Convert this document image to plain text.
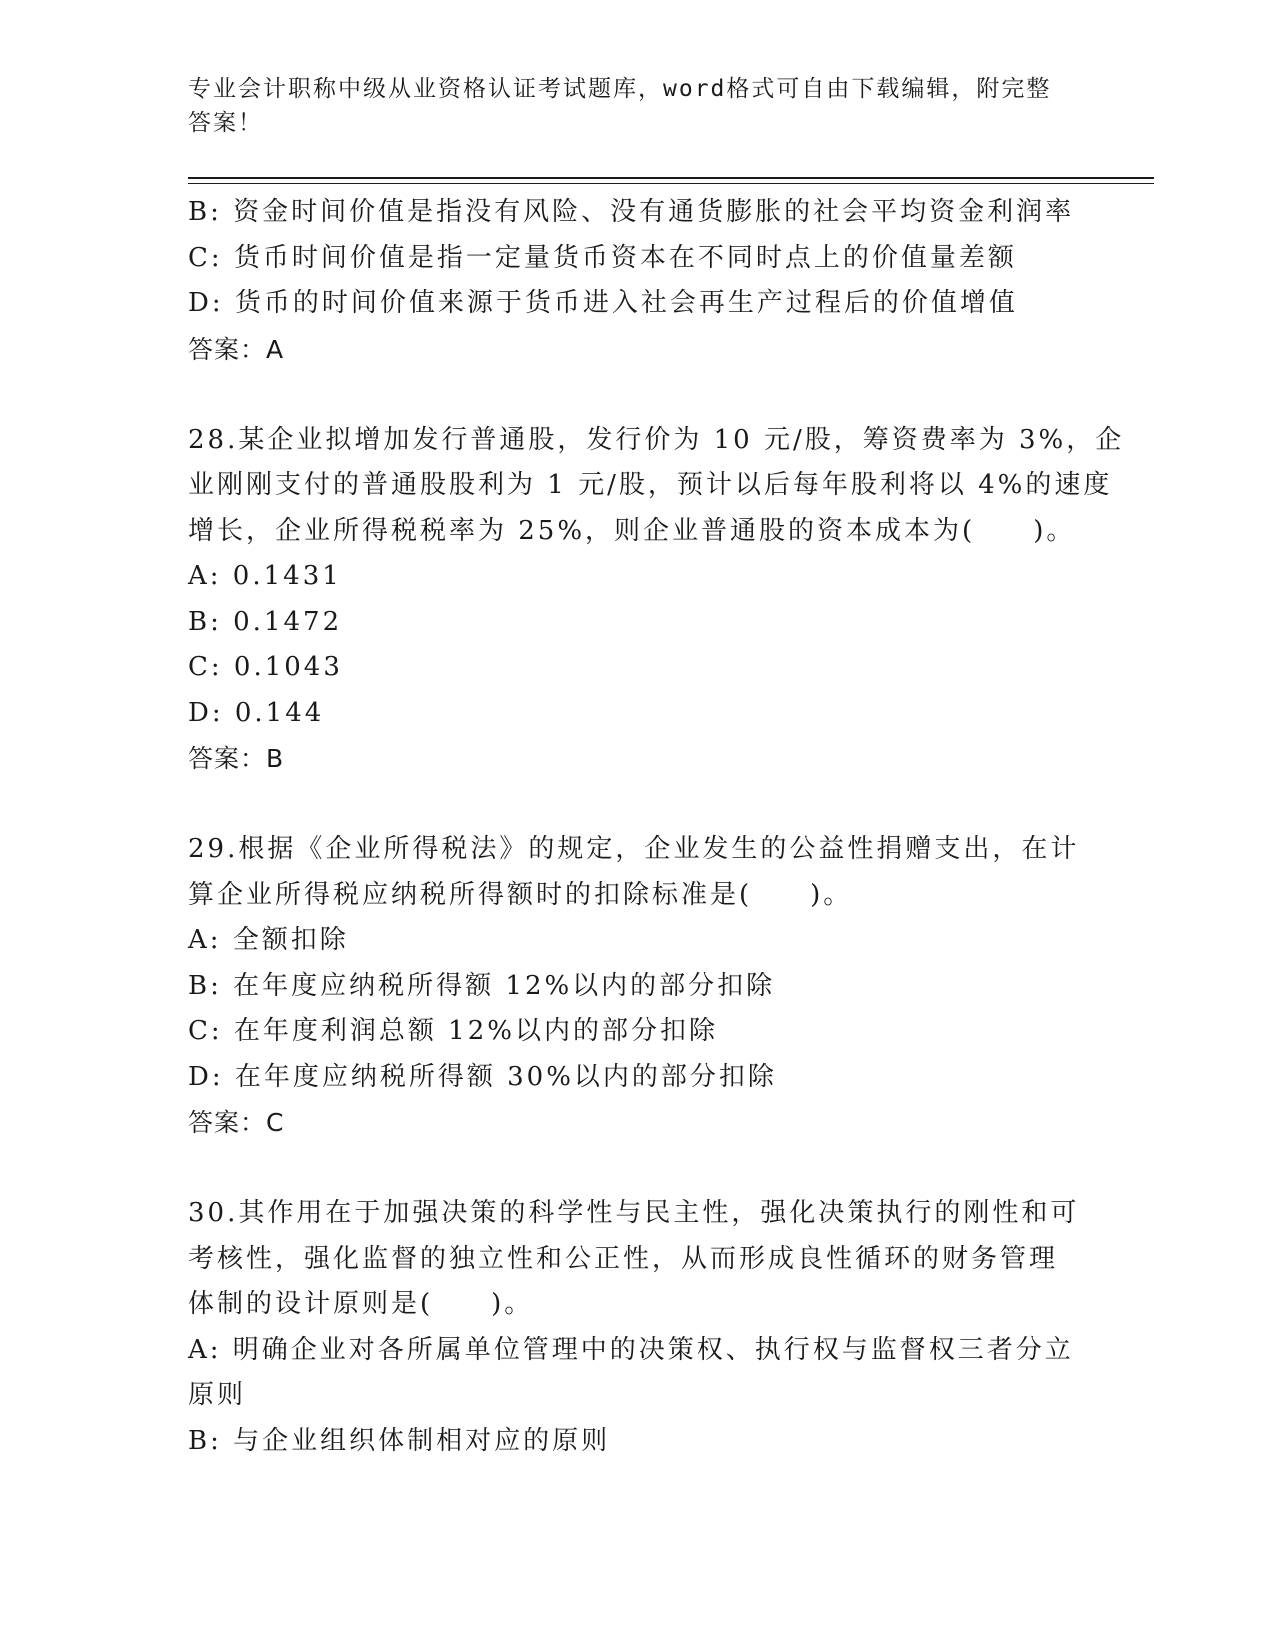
专业会计职称中级从业资格认证考试题库，word格式可自由下载编辑，附完整答案！
B: 资金时间价值是指没有风险、没有通货膨胀的社会平均资金利润率
C: 货币时间价值是指一定量货币资本在不同时点上的价值量差额
D: 货币的时间价值来源于货币进入社会再生产过程后的价值增值
答案：A
28.某企业拟增加发行普通股，发行价为 10 元/股，筹资费率为 3%，企
业刚刚支付的普通股股利为 1 元/股，预计以后每年股利将以 4%的速度
增长，企业所得税税率为 25%，则企业普通股的资本成本为(　　)。
A: 0.1431
B: 0.1472
C: 0.1043
D: 0.144
答案：B
29.根据《企业所得税法》的规定，企业发生的公益性捐赠支出，在计
算企业所得税应纳税所得额时的扣除标准是(　　)。
A: 全额扣除
B: 在年度应纳税所得额 12%以内的部分扣除
C: 在年度利润总额 12%以内的部分扣除
D: 在年度应纳税所得额 30%以内的部分扣除
答案：C
30.其作用在于加强决策的科学性与民主性，强化决策执行的刚性和可
考核性，强化监督的独立性和公正性，从而形成良性循环的财务管理
体制的设计原则是(　　)。
A: 明确企业对各所属单位管理中的决策权、执行权与监督权三者分立
原则
B: 与企业组织体制相对应的原则
